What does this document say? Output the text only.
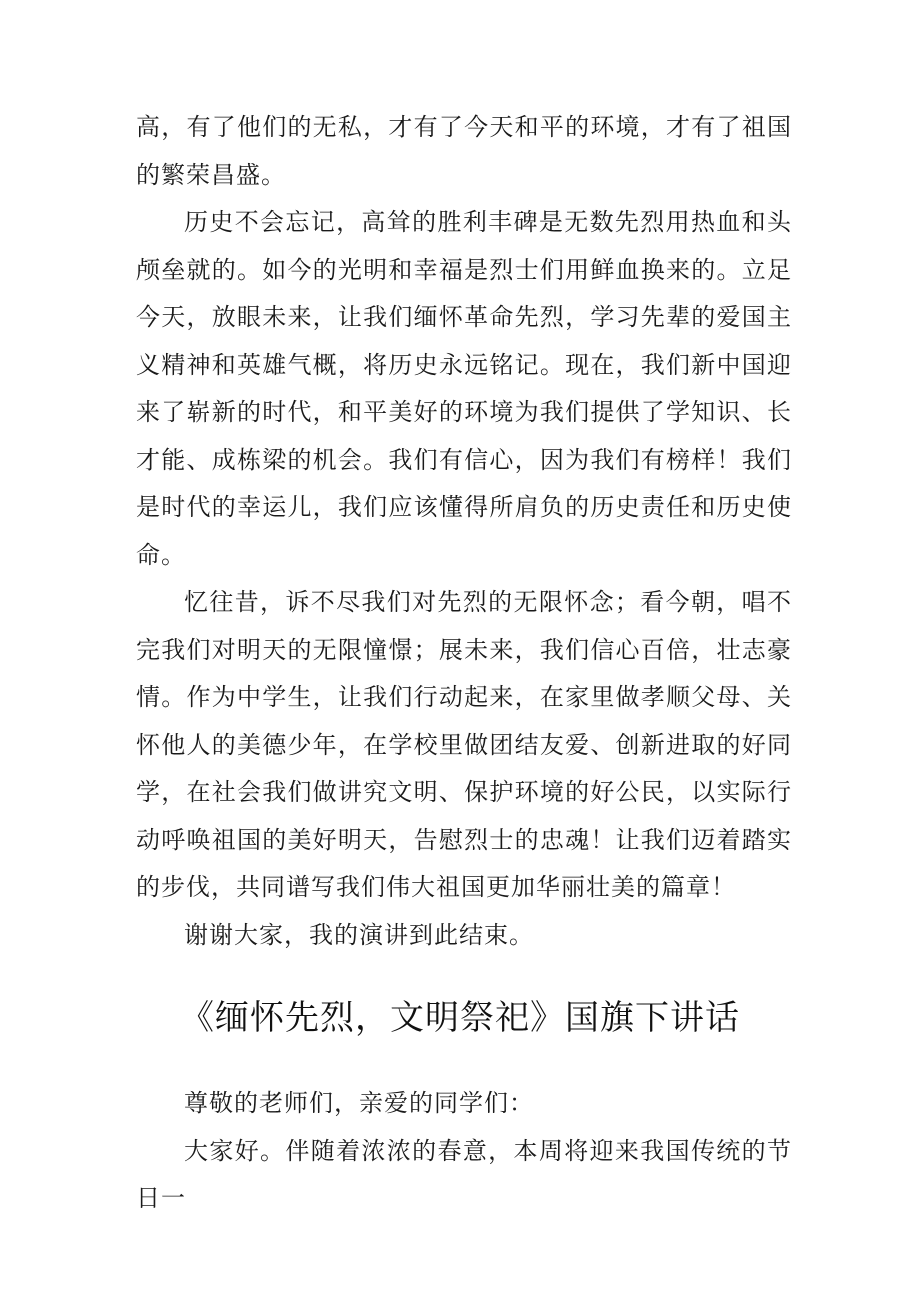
高，有了他们的无私，才有了今天和平的环境，才有了祖国的繁荣昌盛。

历史不会忘记，高耸的胜利丰碑是无数先烈用热血和头颅垒就的。如今的光明和幸福是烈士们用鲜血换来的。立足今天，放眼未来，让我们缅怀革命先烈，学习先辈的爱国主义精神和英雄气概，将历史永远铭记。现在，我们新中国迎来了崭新的时代，和平美好的环境为我们提供了学知识、长才能、成栋梁的机会。我们有信心，因为我们有榜样！我们是时代的幸运儿，我们应该懂得所肩负的历史责任和历史使命。

忆往昔，诉不尽我们对先烈的无限怀念；看今朝，唱不完我们对明天的无限憧憬；展未来，我们信心百倍，壮志豪情。作为中学生，让我们行动起来，在家里做孝顺父母、关怀他人的美德少年，在学校里做团结友爱、创新进取的好同学，在社会我们做讲究文明、保护环境的好公民，以实际行动呼唤祖国的美好明天，告慰烈士的忠魂！让我们迈着踏实的步伐，共同谱写我们伟大祖国更加华丽壮美的篇章！

谢谢大家，我的演讲到此结束。

《缅怀先烈，文明祭祀》国旗下讲话

尊敬的老师们，亲爱的同学们：

大家好。伴随着浓浓的春意，本周将迎来我国传统的节日一
